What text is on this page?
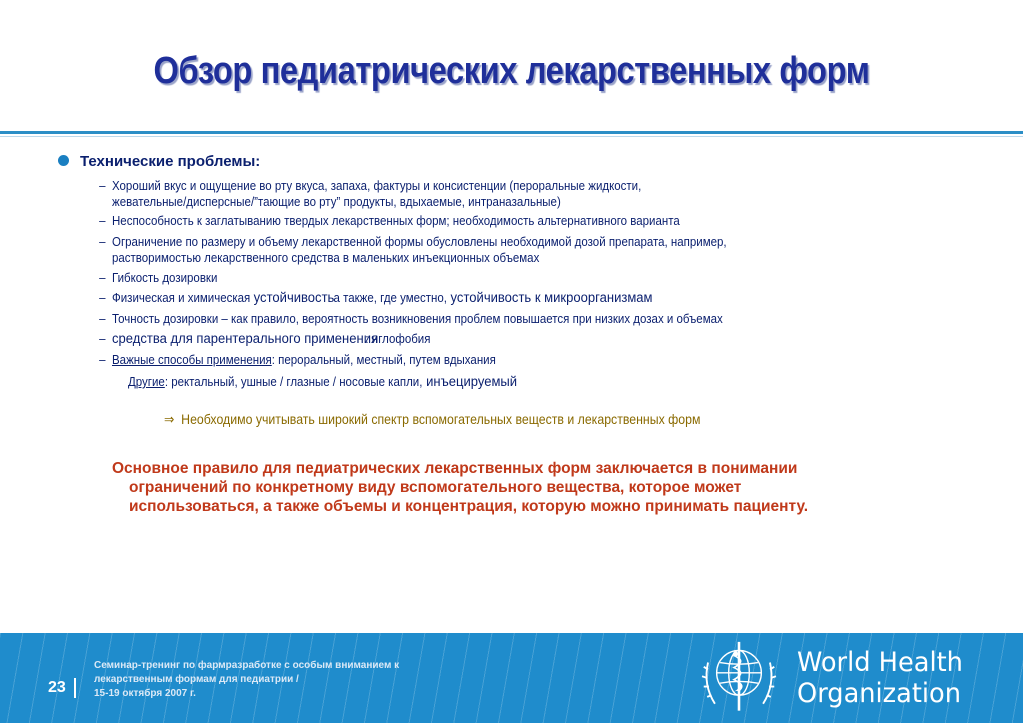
Обзор педиатрических лекарственных форм
Технические проблемы:
– Хороший вкус и ощущение во рту вкуса, запаха, фактуры и консистенции (пероральные жидкости,
жевательные/дисперсные/”тающие во рту” продукты, вдыхаемые, интраназальные)
– Неспособность к заглатыванию твердых лекарственных форм; необходимость альтернативного варианта
– Ограничение по размеру и объему лекарственной формы обусловлены необходимой дозой препарата, например,
растворимостью лекарственного средства в маленьких инъекционных объемах
– Гибкость дозировки
– Физическая и химическая устойчивость а также, где уместно, устойчивость к микроорганизмам
– Точность дозировки – как правило, вероятность возникновения проблем повышается при низких дозах и объемах
– средства для парентерального применения: иглофобия
– Важные способы применения: пероральный, местный, путем вдыхания
Другие: ректальный, ушные / глазные / носовые капли, инъецируемый
⇒ Необходимо учитывать широкий спектр вспомогательных веществ и лекарственных форм
Основное правило для педиатрических лекарственных форм заключается в понимании
ограничений по конкретному виду вспомогательного вещества, которое может
использоваться, а также объемы и концентрация, которую можно принимать пациенту.
23
Семинар-тренинг по фармразработке с особым вниманием к
лекарственным формам для педиатрии /
15-19 октября 2007 г.
World Health
Organization
